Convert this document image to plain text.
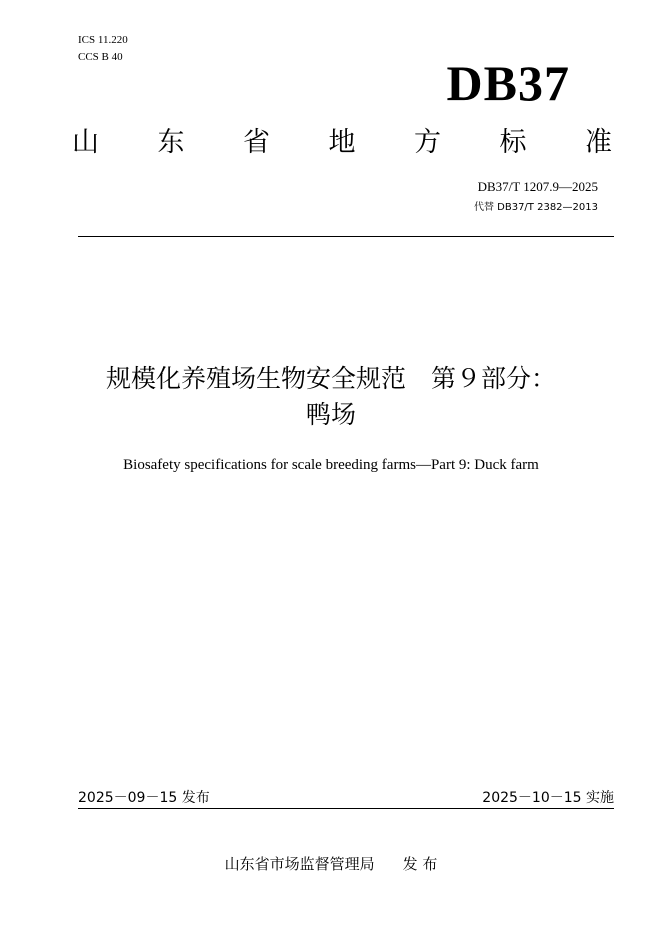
ICS 11.220
CCS B 40	DB37
山 东 省 地 方 标 准
DB37/T 1207.9—2025
代替 DB37/T 2382—2013
规模化养殖场生物安全规范　第９部分：
鸭场
Biosafety specifications for scale breeding farms—Part 9: Duck farm
2025－09－15 发布	2025－10－15 实施
山东省市场监督管理局 发 布
